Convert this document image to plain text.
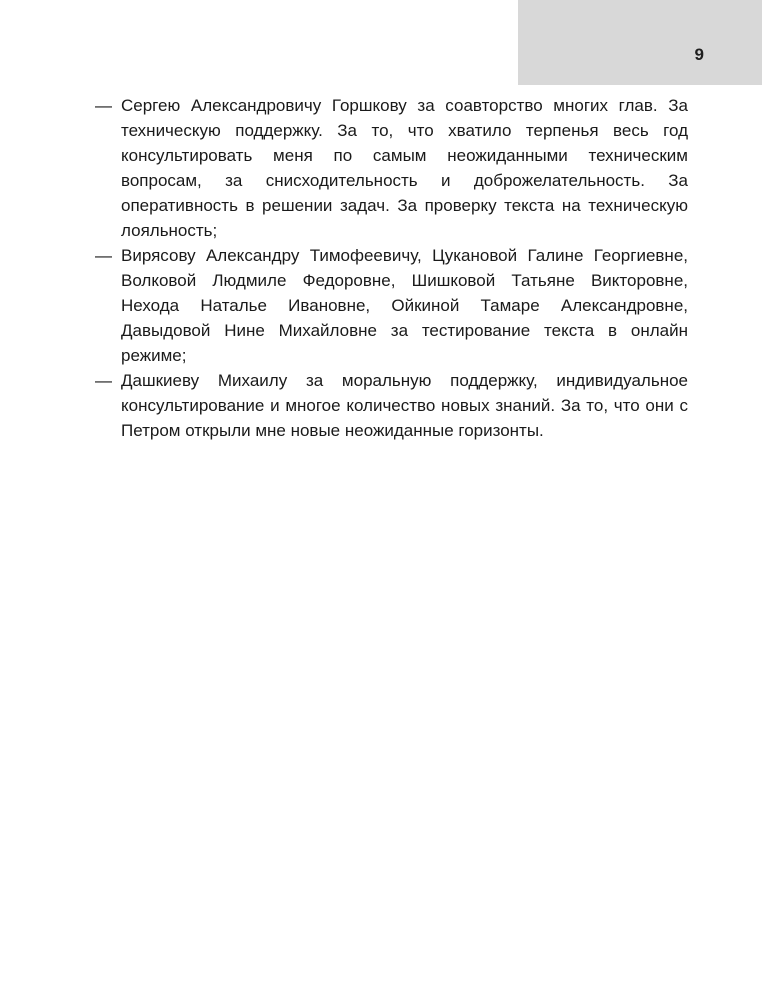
9
— Сергею Александровичу Горшкову за соавторство многих глав. За техническую поддержку. За то, что хватило терпенья весь год консультировать меня по самым неожиданными техническим вопросам, за снисходительность и доброжелательность. За оперативность в решении задач. За проверку текста на техническую лояльность;
— Вирясову Александру Тимофеевичу, Цукановой Галине Георгиевне, Волковой Людмиле Федоровне, Шишковой Татьяне Викторовне, Нехода Наталье Ивановне, Ойкиной Тамаре Александровне, Давыдовой Нине Михайловне за тестирование текста в онлайн режиме;
— Дашкиеву Михаилу за моральную поддержку, индивидуальное консультирование и многое количество новых знаний. За то, что они с Петром открыли мне новые неожиданные горизонты.
